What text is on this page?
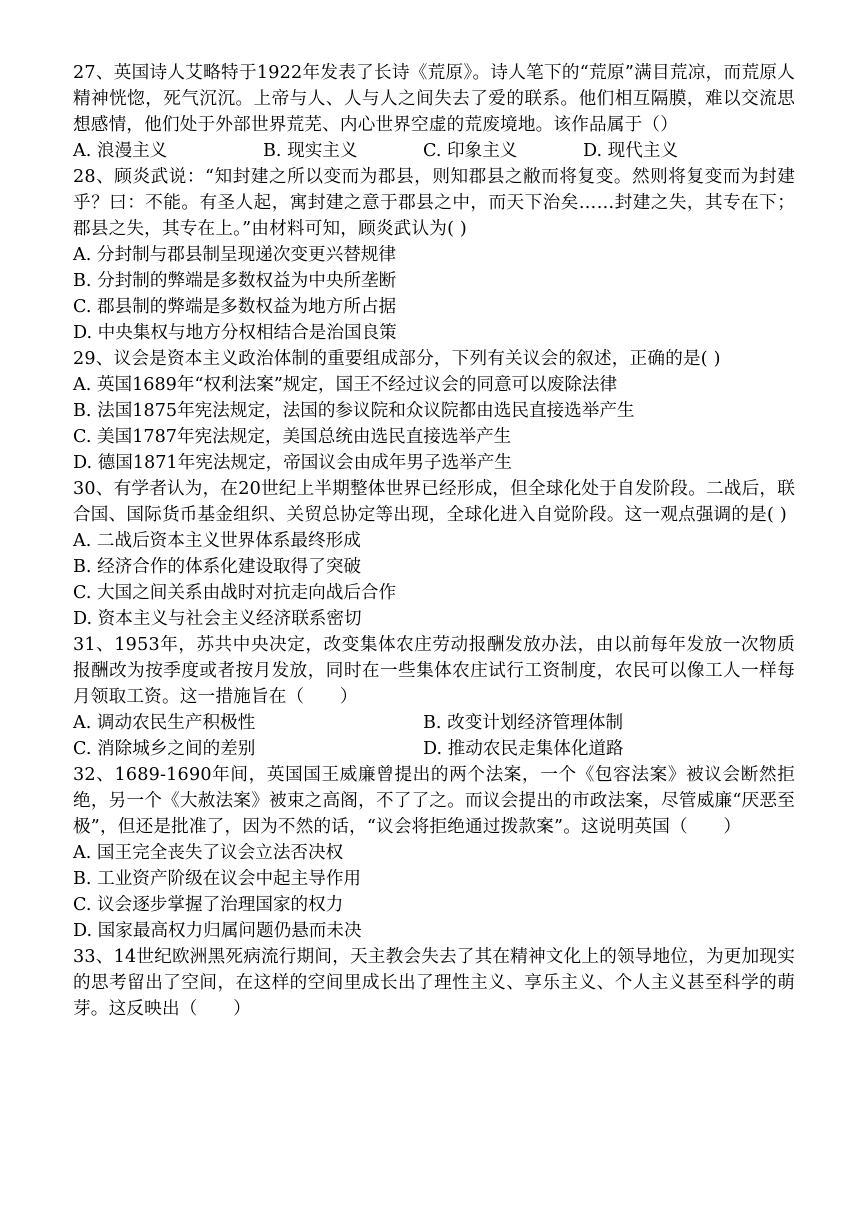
27、英国诗人艾略特于1922年发表了长诗《荒原》。诗人笔下的“荒原”满目荒凉，而荒原人精神恍惚，死气沉沉。上帝与人、人与人之间失去了爱的联系。他们相互隔膜，难以交流思想感情，他们处于外部世界荒芜、内心世界空虚的荒废境地。该作品属于（）

A. 浪漫主义	B. 现实主义	C. 印象主义	D. 现代主义

28、顾炎武说：“知封建之所以变而为郡县，则知郡县之敝而将复变。然则将复变而为封建乎？曰：不能。有圣人起，寓封建之意于郡县之中，而天下治矣……封建之失，其专在下；郡县之失，其专在上。”由材料可知，顾炎武认为( )

A. 分封制与郡县制呈现递次变更兴替规律

B. 分封制的弊端是多数权益为中央所垄断

C. 郡县制的弊端是多数权益为地方所占据

D. 中央集权与地方分权相结合是治国良策

29、议会是资本主义政治体制的重要组成部分，下列有关议会的叙述，正确的是( )

A. 英国1689年“权利法案”规定，国王不经过议会的同意可以废除法律

B. 法国1875年宪法规定，法国的参议院和众议院都由选民直接选举产生

C. 美国1787年宪法规定，美国总统由选民直接选举产生

D. 德国1871年宪法规定，帝国议会由成年男子选举产生

30、有学者认为，在20世纪上半期整体世界已经形成，但全球化处于自发阶段。二战后，联合国、国际货币基金组织、关贸总协定等出现，全球化进入自觉阶段。这一观点强调的是( )

A. 二战后资本主义世界体系最终形成

B. 经济合作的体系化建设取得了突破

C. 大国之间关系由战时对抗走向战后合作

D. 资本主义与社会主义经济联系密切

31、1953年，苏共中央决定，改变集体农庄劳动报酬发放办法，由以前每年发放一次物质报酬改为按季度或者按月发放，同时在一些集体农庄试行工资制度，农民可以像工人一样每月领取工资。这一措施旨在（　　）

A. 调动农民生产积极性	B. 改变计划经济管理体制
C. 消除城乡之间的差别	D. 推动农民走集体化道路

32、1689-1690年间，英国国王威廉曾提出的两个法案，一个《包容法案》被议会断然拒绝，另一个《大赦法案》被束之高阁，不了了之。而议会提出的市政法案，尽管威廉“厌恶至极”，但还是批准了，因为不然的话，“议会将拒绝通过拨款案”。这说明英国（　　）

A. 国王完全丧失了议会立法否决权

B. 工业资产阶级在议会中起主导作用

C. 议会逐步掌握了治理国家的权力

D. 国家最高权力归属问题仍悬而未决

33、14世纪欧洲黑死病流行期间，天主教会失去了其在精神文化上的领导地位，为更加现实的思考留出了空间，在这样的空间里成长出了理性主义、享乐主义、个人主义甚至科学的萌芽。这反映出（　　）
